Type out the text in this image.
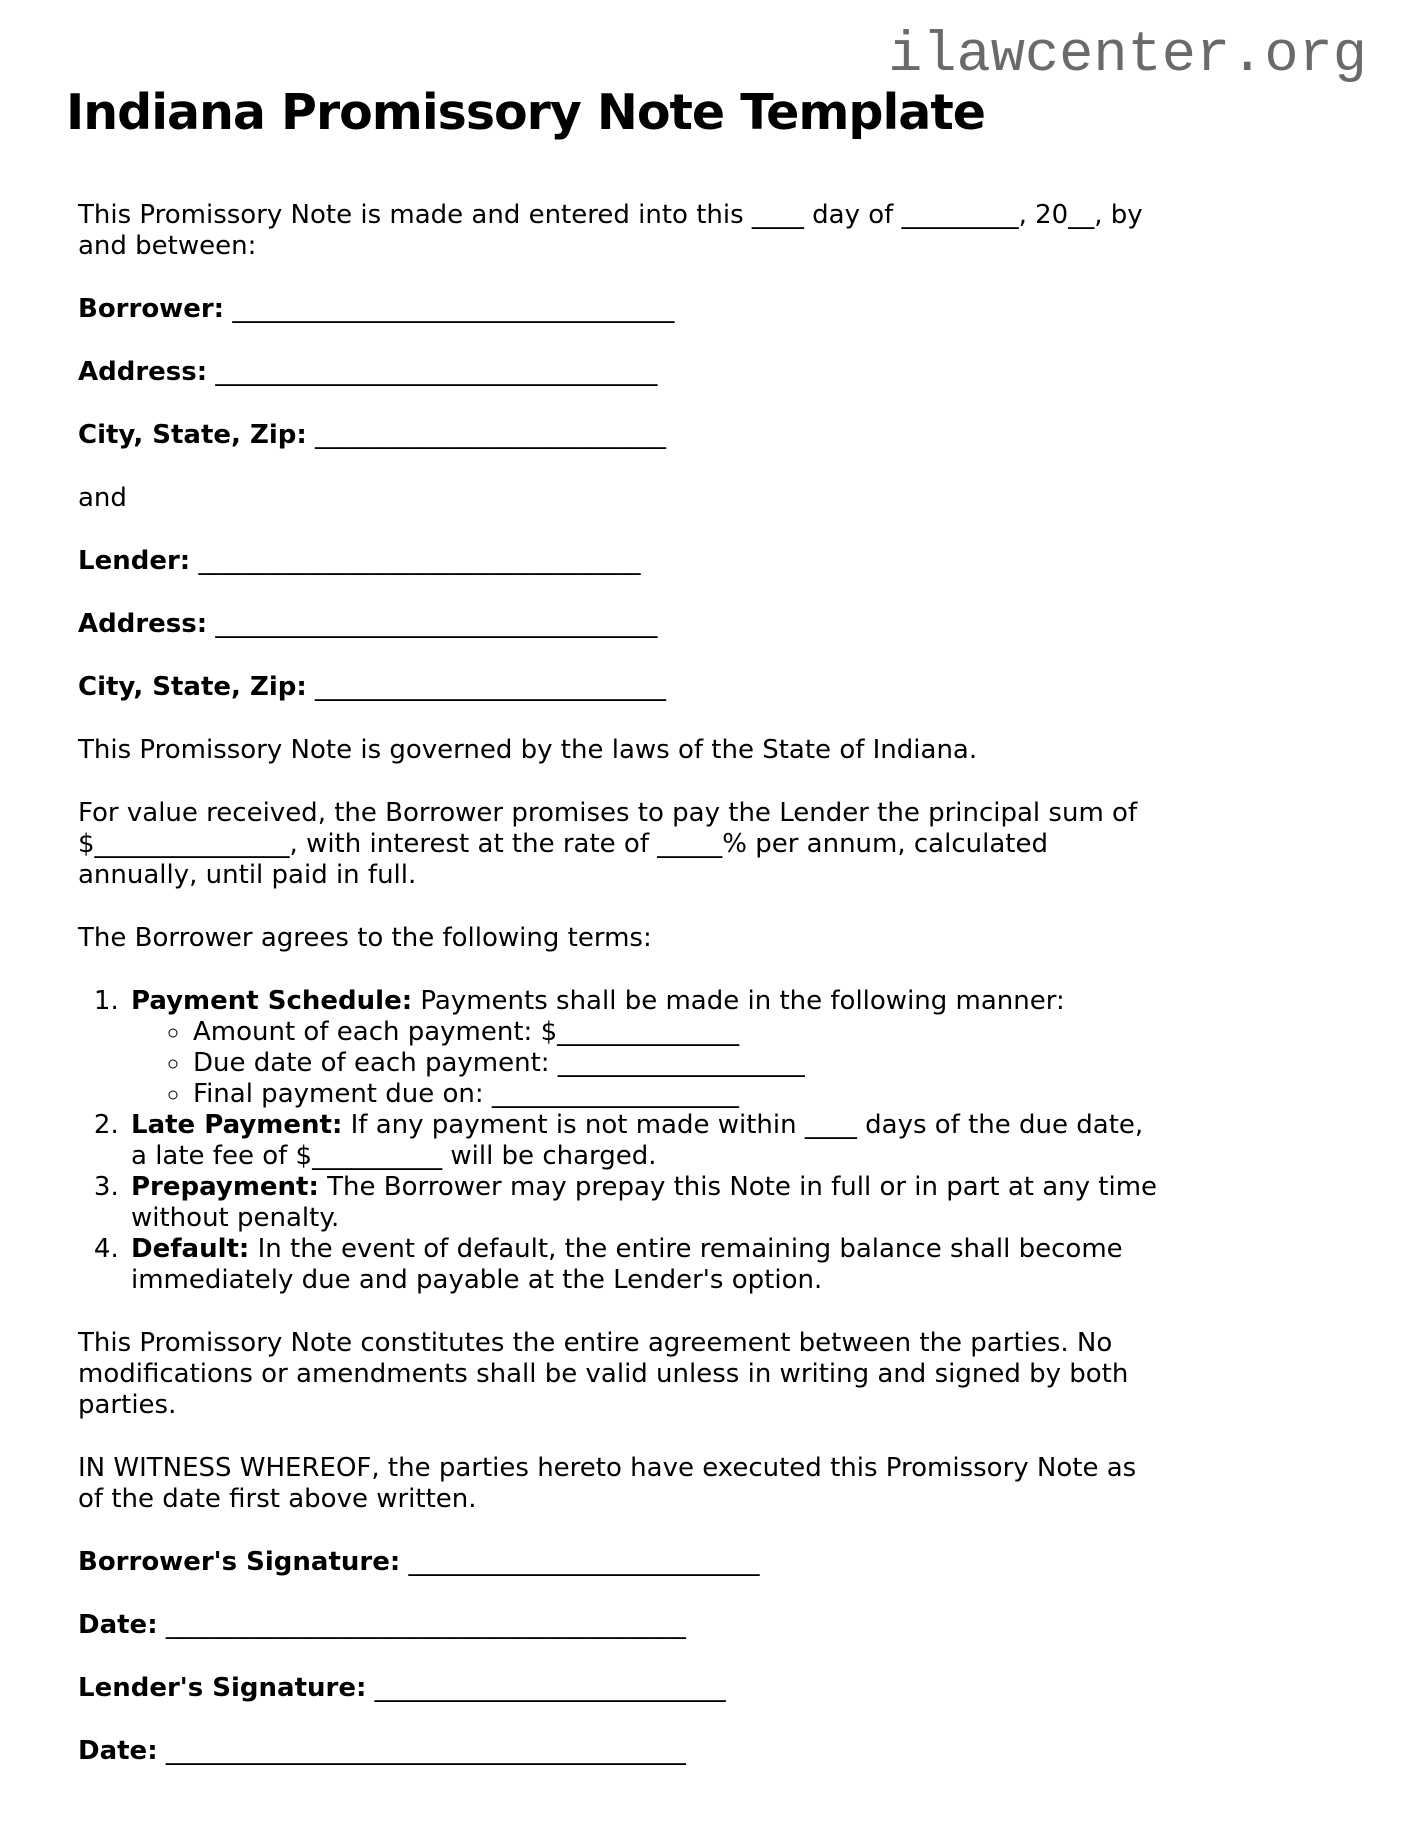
ilawcenter.org
Indiana Promissory Note Template

This Promissory Note is made and entered into this ____ day of _________, 20__, by and between:

Borrower: __________________________________

Address: __________________________________

City, State, Zip: ___________________________

and

Lender: __________________________________

Address: __________________________________

City, State, Zip: ___________________________

This Promissory Note is governed by the laws of the State of Indiana.

For value received, the Borrower promises to pay the Lender the principal sum of $_______________, with interest at the rate of _____% per annum, calculated annually, until paid in full.

The Borrower agrees to the following terms:

1. Payment Schedule: Payments shall be made in the following manner:
◦ Amount of each payment: $______________
◦ Due date of each payment: ___________________
◦ Final payment due on: ___________________
2. Late Payment: If any payment is not made within ____ days of the due date, a late fee of $__________ will be charged.
3. Prepayment: The Borrower may prepay this Note in full or in part at any time without penalty.
4. Default: In the event of default, the entire remaining balance shall become immediately due and payable at the Lender's option.

This Promissory Note constitutes the entire agreement between the parties. No modifications or amendments shall be valid unless in writing and signed by both parties.

IN WITNESS WHEREOF, the parties hereto have executed this Promissory Note as of the date first above written.

Borrower's Signature: ___________________________

Date: ________________________________________

Lender's Signature: ___________________________

Date: ________________________________________
